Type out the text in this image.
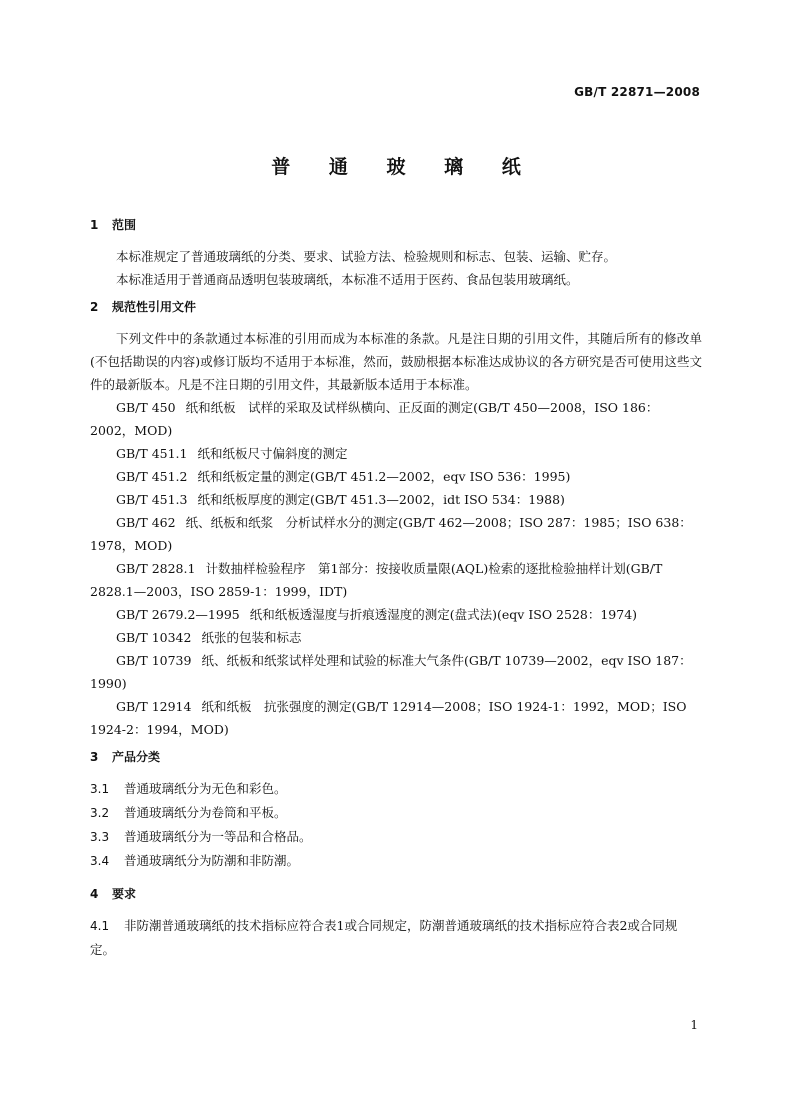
GB/T 22871—2008
普 通 玻 璃 纸
1 范围

本标准规定了普通玻璃纸的分类、要求、试验方法、检验规则和标志、包装、运输、贮存。

本标准适用于普通商品透明包装玻璃纸，本标准不适用于医药、食品包装用玻璃纸。

2 规范性引用文件

下列文件中的条款通过本标准的引用而成为本标准的条款。凡是注日期的引用文件，其随后所有的修改单(不包括勘误的内容)或修订版均不适用于本标准，然而，鼓励根据本标准达成协议的各方研究是否可使用这些文件的最新版本。凡是不注日期的引用文件，其最新版本适用于本标准。

GB/T 450 纸和纸板　试样的采取及试样纵横向、正反面的测定(GB/T 450—2008，ISO 186：2002，MOD)

GB/T 451.1 纸和纸板尺寸偏斜度的测定

GB/T 451.2 纸和纸板定量的测定(GB/T 451.2—2002，eqv ISO 536：1995)

GB/T 451.3 纸和纸板厚度的测定(GB/T 451.3—2002，idt ISO 534：1988)

GB/T 462 纸、纸板和纸浆　分析试样水分的测定(GB/T 462—2008；ISO 287：1985；ISO 638：1978，MOD)

GB/T 2828.1 计数抽样检验程序　第1部分：按接收质量限(AQL)检索的逐批检验抽样计划(GB/T 2828.1—2003，ISO 2859-1：1999，IDT)

GB/T 2679.2—1995 纸和纸板透湿度与折痕透湿度的测定(盘式法)(eqv ISO 2528：1974)

GB/T 10342 纸张的包装和标志

GB/T 10739 纸、纸板和纸浆试样处理和试验的标准大气条件(GB/T 10739—2002，eqv ISO 187：1990)

GB/T 12914 纸和纸板　抗张强度的测定(GB/T 12914—2008；ISO 1924-1：1992，MOD；ISO 1924-2：1994，MOD)

3 产品分类

3.1 普通玻璃纸分为无色和彩色。

3.2 普通玻璃纸分为卷筒和平板。

3.3 普通玻璃纸分为一等品和合格品。

3.4 普通玻璃纸分为防潮和非防潮。

4 要求

4.1 非防潮普通玻璃纸的技术指标应符合表1或合同规定，防潮普通玻璃纸的技术指标应符合表2或合同规定。

1
